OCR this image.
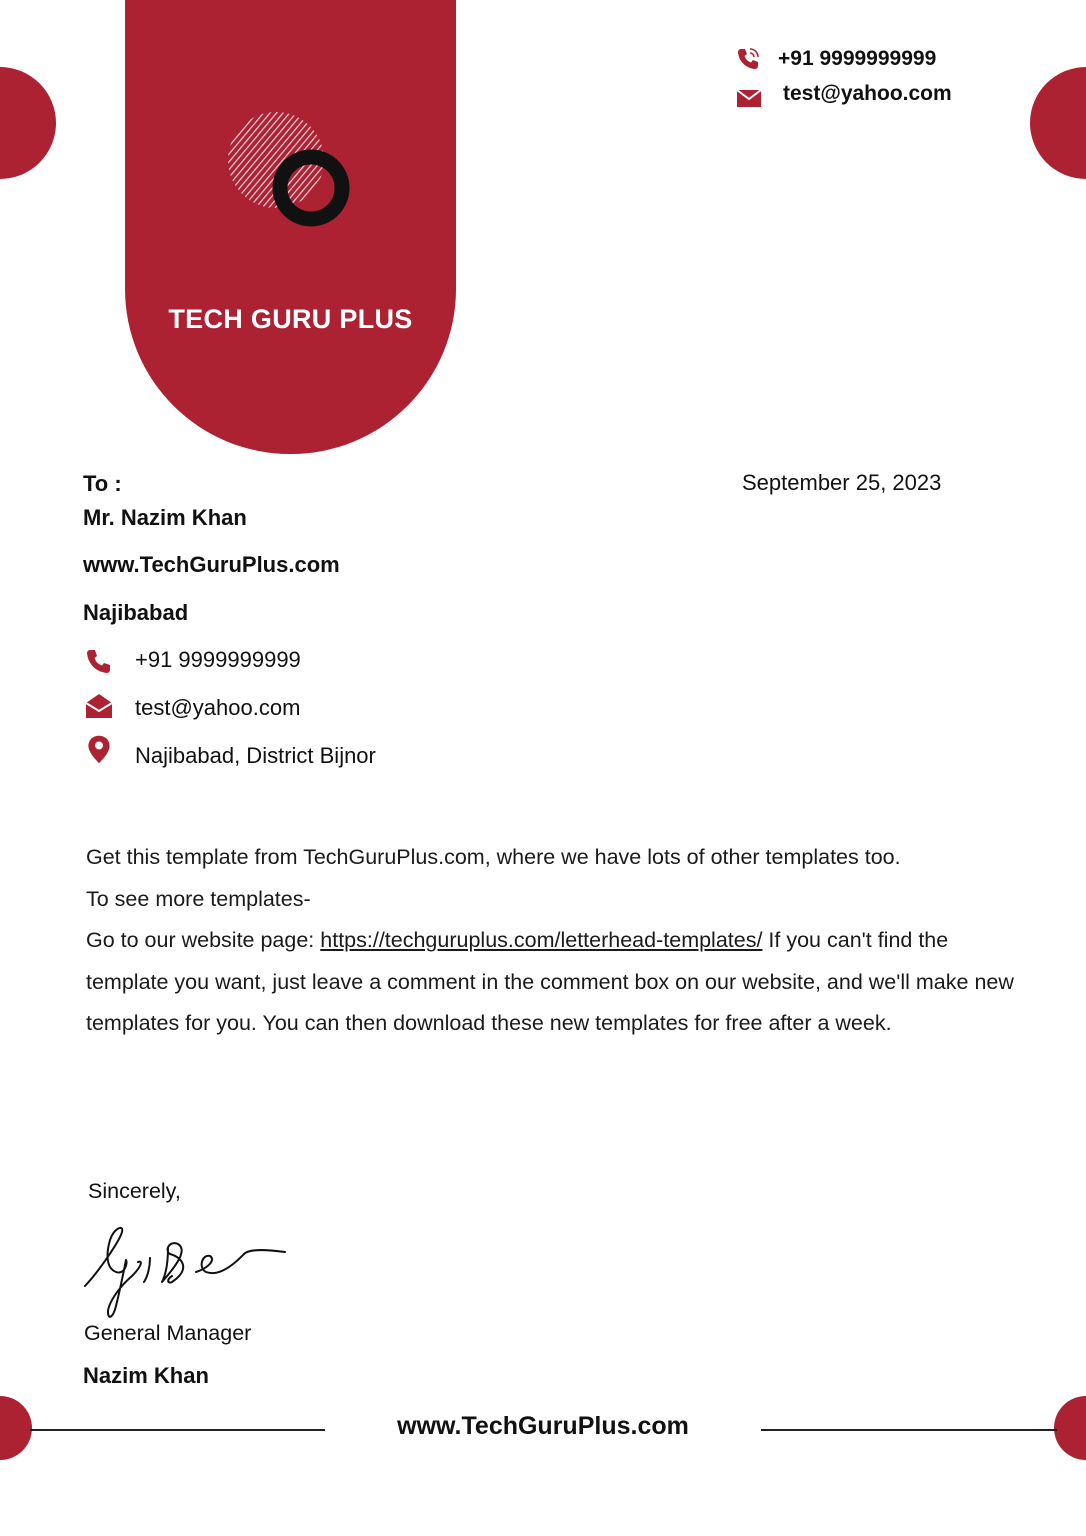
TECH GURU PLUS
+91 9999999999
test@yahoo.com
To :	September 25, 2023
Mr. Nazim Khan
www.TechGuruPlus.com
Najibabad
+91 9999999999
test@yahoo.com
Najibabad, District Bijnor
Get this template from TechGuruPlus.com, where we have lots of other templates too.
To see more templates-
Go to our website page: https://techguruplus.com/letterhead-templates/ If you can't find the template you want, just leave a comment in the comment box on our website, and we'll make new templates for you. You can then download these new templates for free after a week.
Sincerely,
General Manager
Nazim Khan
www.TechGuruPlus.com
